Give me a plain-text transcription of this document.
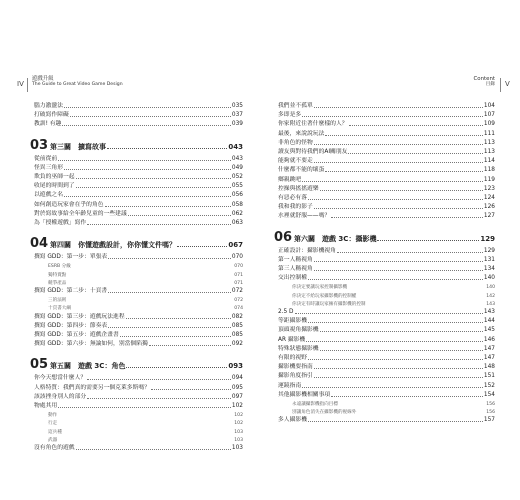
IV
遊戲升級
The Guide to Great Video Game Design
腦力激盪法	035
打破寫作障礙	037
教訓! 有趣	039
03 第三關　擴寫故事	043
從前從前	043
怪異三角形	049
欺負的巫師一起	052
收尾的時間到了	055
以遊戲之名	056
如何創造玩家會在乎的角色	058
對於寫故事給全年齡兒童的一些建議	062
為「授權遊戲」寫作	063
04 第四關　你懂遊戲設計，你你懂文件嗎？	067
撰寫 GDD：第一步：單張表	070
ESRB 分級	070
獨特賣點	071
競爭產品	071
撰寫 GDD：第二步：十頁書	072
三的法則	072
十頁書大綱	074
撰寫 GDD：第三步：遊戲玩法進程	082
撰寫 GDD：第四步：節奏表	085
撰寫 GDD：第五步：遊戲企畫書	085
撰寫 GDD：第六步：無論如何，別當個陷獨	092
05 第五關　遊戲 3C：角色	093
你今天想當什麼人？	094
人格特質：我們真的需要另一個克萊多斯嗎？	095
該該挫身別人的部分	097
物處其用	102
動作	102
行走	102
這兵種	103
武器	103
沒有角色的遊戲	103
V
Content
目錄
我們並不孤單	104
多即是多	107
你家附近住著什麼樣的人？	109
最後，來說說玩法	111
非角色的怪物	113
讀友與對待我們的AI關朋友	113
能夠就不要走	114
什麼都不能的壞蛋	118
鄉親跳吧	119
控操與搖搖遊樂	123
有惡必有落	124
我和我的影子	126
水裡就舒服——嗎？	127
06 第六關　遊戲 3C：攝影機	129
正確設計：攝影機視角	129
第一人稱視角	131
第三人稱視角	134
交出控制權	140
你決定要讓玩家控制攝影機	140
你決定不給玩家攝影機的控制權	142
你決定有時讓玩家擁有攝影機的控制	143
2.5 D	143
等距攝影機	144
頂頭視角攝影機	145
AR 攝影機	146
特殊狀態攝影機	147
有限的視野	147
攝影機要指南	148
攝影角度指引	151
運鏡指南	152
其他攝影機相關事項	154
永遠讓攝影機指向目標	156
別讓角色消失在攝影機的視線外	156
多人攝影機	157
